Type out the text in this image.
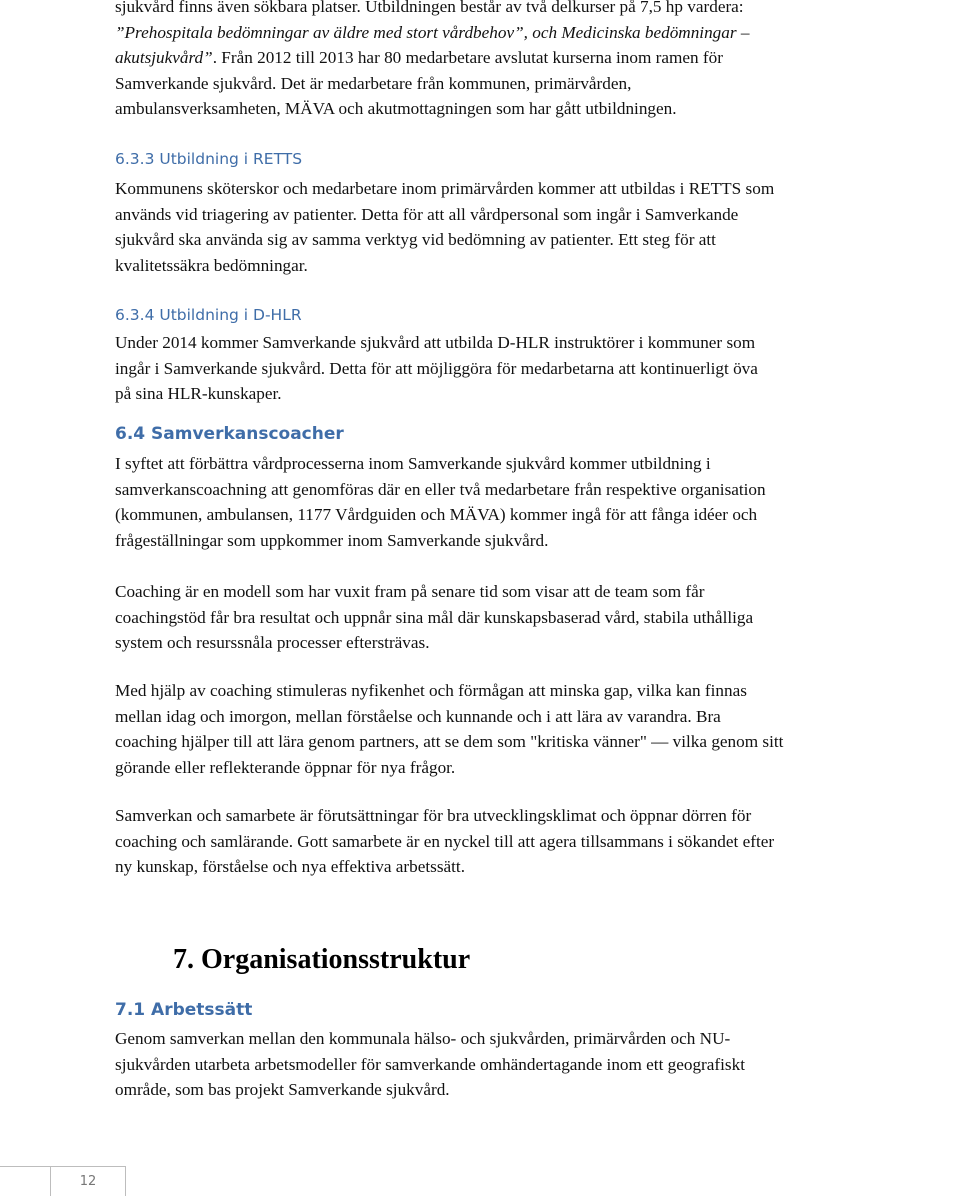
sjukvård finns även sökbara platser. Utbildningen består av två delkurser på 7,5 hp vardera:
”Prehospitala bedömningar av äldre med stort vårdbehov”, och Medicinska bedömningar –
akutsjukvård”. Från 2012 till 2013 har 80 medarbetare avslutat kurserna inom ramen för
Samverkande sjukvård. Det är medarbetare från kommunen, primärvården,
ambulansverksamheten, MÄVA och akutmottagningen som har gått utbildningen.
6.3.3 Utbildning i RETTS
Kommunens sköterskor och medarbetare inom primärvården kommer att utbildas i RETTS som
används vid triagering av patienter. Detta för att all vårdpersonal som ingår i Samverkande
sjukvård ska använda sig av samma verktyg vid bedömning av patienter. Ett steg för att
kvalitetssäkra bedömningar.
6.3.4 Utbildning i D-HLR
Under 2014 kommer Samverkande sjukvård att utbilda D-HLR instruktörer i kommuner som
ingår i Samverkande sjukvård. Detta för att möjliggöra för medarbetarna att kontinuerligt öva
på sina HLR-kunskaper.
6.4 Samverkanscoacher
I syftet att förbättra vårdprocesserna inom Samverkande sjukvård kommer utbildning i
samverkanscoachning att genomföras där en eller två medarbetare från respektive organisation
(kommunen, ambulansen, 1177 Vårdguiden och MÄVA) kommer ingå för att fånga idéer och
frågeställningar som uppkommer inom Samverkande sjukvård.
Coaching är en modell som har vuxit fram på senare tid som visar att de team som får
coachingstöd får bra resultat och uppnår sina mål där kunskapsbaserad vård, stabila uthålliga
system och resurssnåla processer eftersträvas.
Med hjälp av coaching stimuleras nyfikenhet och förmågan att minska gap, vilka kan finnas
mellan idag och imorgon, mellan förståelse och kunnande och i att lära av varandra. Bra
coaching hjälper till att lära genom partners, att se dem som "kritiska vänner" — vilka genom sitt
görande eller reflekterande öppnar för nya frågor.
Samverkan och samarbete är förutsättningar för bra utvecklingsklimat och öppnar dörren för
coaching och samlärande. Gott samarbete är en nyckel till att agera tillsammans i sökandet efter
ny kunskap, förståelse och nya effektiva arbetssätt.
7. Organisationsstruktur
7.1 Arbetssätt
Genom samverkan mellan den kommunala hälso- och sjukvården, primärvården och NU-
sjukvården utarbeta arbetsmodeller för samverkande omhändertagande inom ett geografiskt
område, som bas projekt Samverkande sjukvård.
12
